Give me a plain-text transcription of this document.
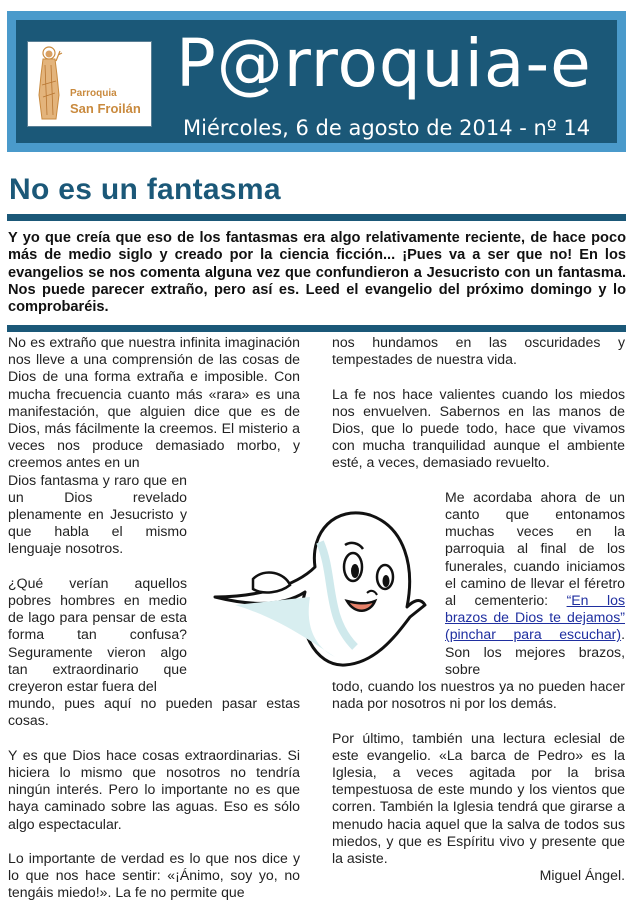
Parroquia
San Froilán
P@rroquia-e
Miércoles, 6 de agosto de 2014 - nº 14
No es un fantasma
Y yo que creía que eso de los fantasmas era algo relativamente reciente, de hace poco más de medio siglo y creado por la ciencia ficción... ¡Pues va a ser que no! En los evangelios se nos comenta alguna vez que confundieron a Jesucristo con un fantasma. Nos puede parecer extraño, pero así es. Leed el evangelio del próximo domingo y lo comprobaréis.
No es extraño que nuestra infinita imaginación nos lleve a una comprensión de las cosas de Dios de una forma extraña e imposible. Con mucha frecuencia cuanto más «rara» es una manifestación, que alguien dice que es de Dios, más fácilmente la creemos. El misterio a veces nos produce demasiado morbo, y creemos antes en un

Dios fantasma y raro que en un Dios revelado plenamente en Jesucristo y que habla el mismo lenguaje nosotros.

¿Qué verían aquellos pobres hombres en medio de lago para pensar de esta forma tan confusa? Seguramente vieron algo tan extraordinario que creyeron estar fuera del

mundo, pues aquí no pueden pasar estas cosas.

Y es que Dios hace cosas extraordinarias. Si hiciera lo mismo que nosotros no tendría ningún interés. Pero lo importante no es que haya caminado sobre las aguas. Eso es sólo algo espectacular.

Lo importante de verdad es lo que nos dice y lo que nos hace sentir: «¡Ánimo, soy yo, no tengáis miedo!». La fe no permite que

nos hundamos en las oscuridades y tempestades de nuestra vida.

La fe nos hace valientes cuando los miedos nos envuelven. Sabernos en las manos de Dios, que lo puede todo, hace que vivamos con mucha tranquilidad aunque el ambiente esté, a veces, demasiado revuelto.

Me acordaba ahora de un canto que entonamos muchas veces en la parroquia al final de los funerales, cuando iniciamos el camino de llevar el féretro al cementerio: “En los brazos de Dios te dejamos” (pinchar para escuchar). Son los mejores brazos, sobre

todo, cuando los nuestros ya no pueden hacer nada por nosotros ni por los demás.

Por último, también una lectura eclesial de este evangelio. «La barca de Pedro» es la Iglesia, a veces agitada por la brisa tempestuosa de este mundo y los vientos que corren. También la Iglesia tendrá que girarse a menudo hacia aquel que la salva de todos sus miedos, y que es Espíritu vivo y presente que la asiste.
Miguel Ángel.
